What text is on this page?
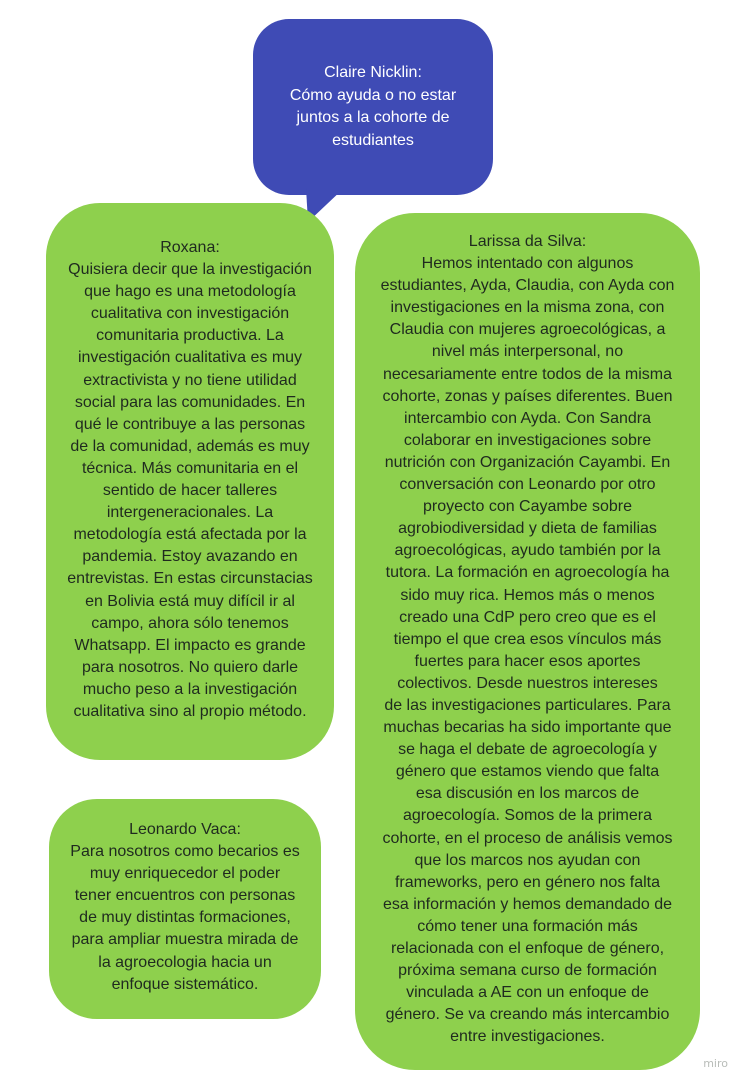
Claire Nicklin:
Cómo ayuda o no estar
juntos a la cohorte de
estudiantes
Roxana:
Quisiera decir que la investigación
que hago es una metodología
cualitativa con investigación
comunitaria productiva. La
investigación cualitativa es muy
extractivista y no tiene utilidad
social para las comunidades. En
qué le contribuye a las personas
de la comunidad, además es muy
técnica. Más comunitaria en el
sentido de hacer talleres
intergeneracionales. La
metodología está afectada por la
pandemia. Estoy avazando en
entrevistas. En estas circunstacias
en Bolivia está muy difícil ir al
campo, ahora sólo tenemos
Whatsapp. El impacto es grande
para nosotros. No quiero darle
mucho peso a la investigación
cualitativa sino al propio método.
Leonardo Vaca:
Para nosotros como becarios es
muy enriquecedor el poder
tener encuentros con personas
de muy distintas formaciones,
para ampliar muestra mirada de
la agroecologia hacia un
enfoque sistemático.
Larissa da Silva:
Hemos intentado con algunos
estudiantes, Ayda, Claudia, con Ayda con
investigaciones en la misma zona, con
Claudia con mujeres agroecológicas, a
nivel más interpersonal, no
necesariamente entre todos de la misma
cohorte, zonas y países diferentes. Buen
intercambio con Ayda. Con Sandra
colaborar en investigaciones sobre
nutrición con Organización Cayambi. En
conversación con Leonardo por otro
proyecto con Cayambe sobre
agrobiodiversidad y dieta de familias
agroecológicas, ayudo también por la
tutora. La formación en agroecología ha
sido muy rica. Hemos más o menos
creado una CdP pero creo que es el
tiempo el que crea esos vínculos más
fuertes para hacer esos aportes
colectivos. Desde nuestros intereses
de las investigaciones particulares. Para
muchas becarias ha sido importante que
se haga el debate de agroecología y
género que estamos viendo que falta
esa discusión en los marcos de
agroecología. Somos de la primera
cohorte, en el proceso de análisis vemos
que los marcos nos ayudan con
frameworks, pero en género nos falta
esa información y hemos demandado de
cómo tener una formación más
relacionada con el enfoque de género,
próxima semana curso de formación
vinculada a AE con un enfoque de
género. Se va creando más intercambio
entre investigaciones.
miro
